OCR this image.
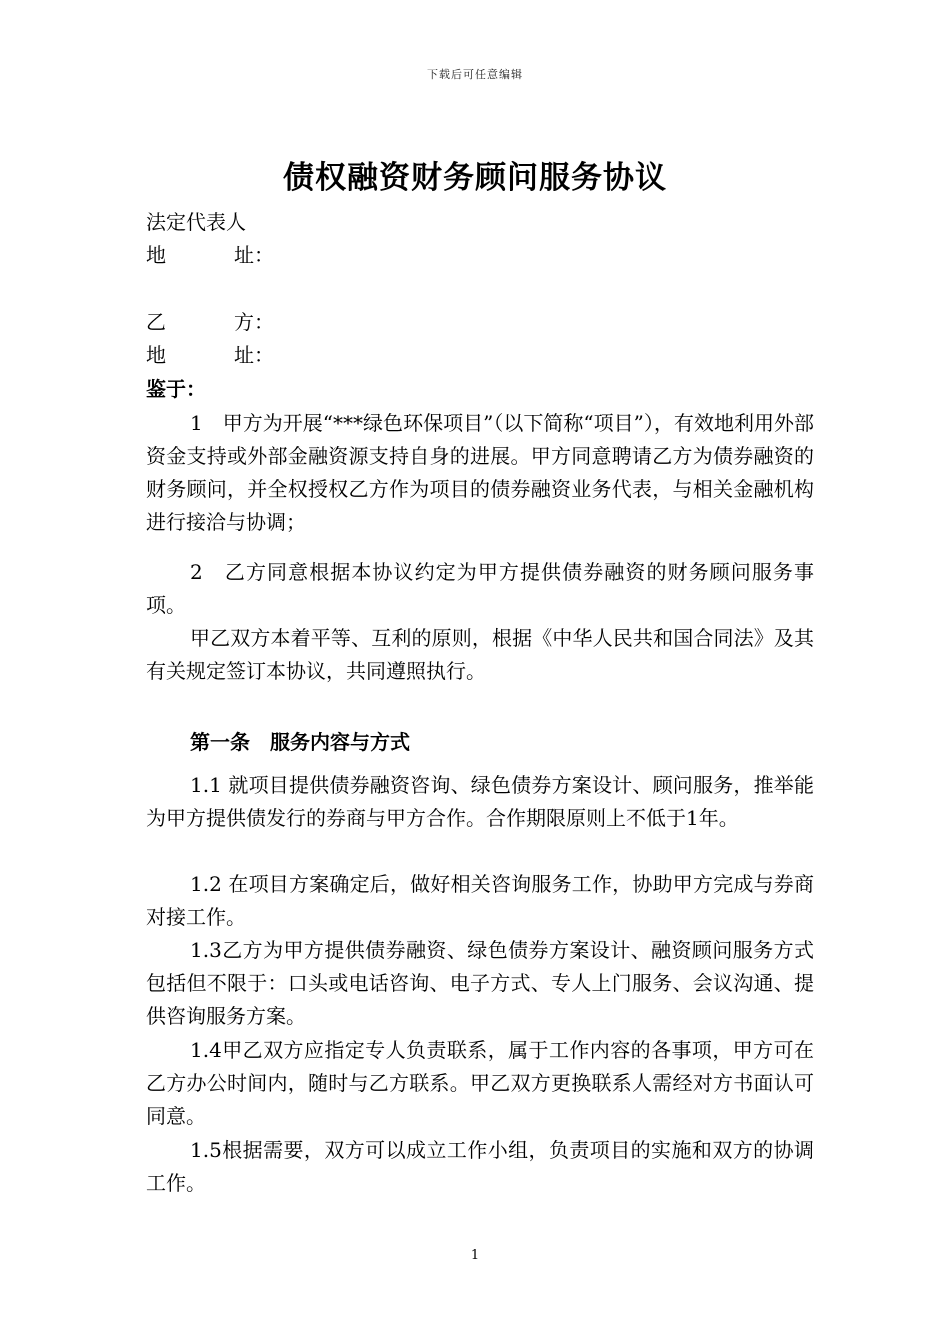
下载后可任意编辑
债权融资财务顾问服务协议
法定代表人
地	址：
乙	方：
地	址：
鉴于：
1　甲方为开展“***绿色环保项目”（以下简称“项目”），有效地利用外部资金支持或外部金融资源支持自身的进展。甲方同意聘请乙方为债券融资的财务顾问，并全权授权乙方作为项目的债券融资业务代表，与相关金融机构进行接洽与协调；
2　乙方同意根据本协议约定为甲方提供债券融资的财务顾问服务事项。
甲乙双方本着平等、互利的原则，根据《中华人民共和国合同法》及其有关规定签订本协议，共同遵照执行。
第一条　服务内容与方式
1.1 就项目提供债券融资咨询、绿色债券方案设计、顾问服务，推举能为甲方提供债发行的券商与甲方合作。合作期限原则上不低于1年。
1.2 在项目方案确定后，做好相关咨询服务工作，协助甲方完成与券商对接工作。
1.3乙方为甲方提供债券融资、绿色债券方案设计、融资顾问服务方式包括但不限于：口头或电话咨询、电子方式、专人上门服务、会议沟通、提供咨询服务方案。
1.4甲乙双方应指定专人负责联系，属于工作内容的各事项，甲方可在乙方办公时间内，随时与乙方联系。甲乙双方更换联系人需经对方书面认可同意。
1.5根据需要，双方可以成立工作小组，负责项目的实施和双方的协调工作。
1
